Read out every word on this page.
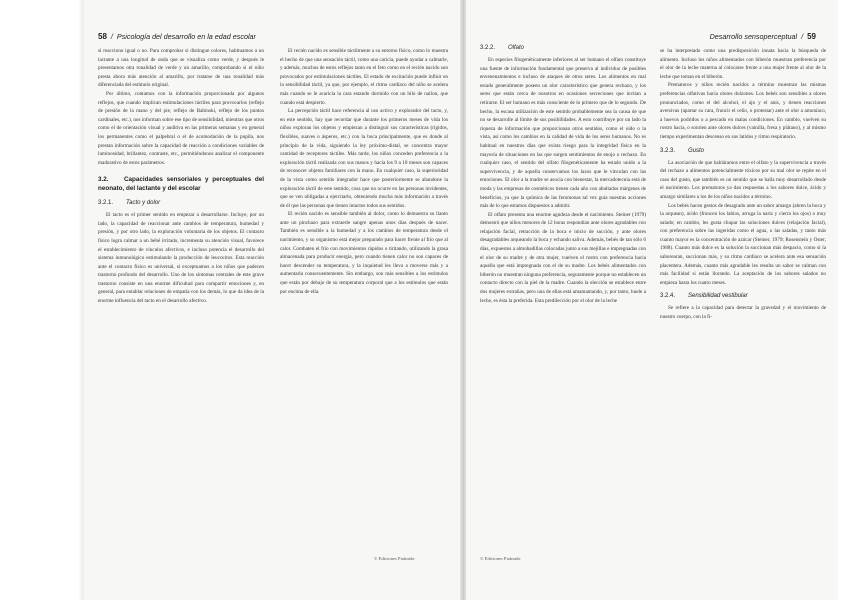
58  /  Psicología del desarrollo en la edad escolar

si reacciono igual o no. Para comprobar si distingue colores, habituamos a un lactante a una longitud de onda que se visualiza como verde, y después le presentamos otra tonalidad de verde y un amarillo, comprobando si el niño presta ahora más atención al amarillo, por tratarse de una tonalidad más diferenciada del estímulo original.

Por último, contamos con la información proporcionada por algunos reflejos, que cuando implican estimulaciones táctiles para provocarlos (reflejo de presión de la mano y del pie, reflejo de Babinski, reflejo de los puntos cardinales, etc.), nos informan sobre ese tipo de sensibilidad, mientras que otros como el de orientación visual y auditiva en las primeras semanas y en general los permanentes como el palpebral o el de acomodación de la pupila, nos prestan información sobre la capacidad de reacción a condiciones variables de luminosidad, brillantez, contraste, etc., permitiéndonos analizar el componente madurativo de estos parámetros.

3.2. Capacidades sensoriales y perceptuales del neonato, del lactante y del escolar
3.2.1. Tacto y dolor

El tacto es el primer sentido en empezar a desarrollarse. Incluye, por un lado, la capacidad de reaccionar ante cambios de temperatura, humedad y presión, y por otro lado, la exploración voluntaria de los objetos. El contacto físico logra calmar a un bebé irritado, incrementa su atención visual, favorece el establecimiento de vínculos afectivos, e incluso potencia el desarrollo del sistema inmunológico estimulando la producción de leucocitos. Esta reacción ante el contacto físico es universal, si exceptuamos a los niños que padecen trastorno profundo del desarrollo. Uno de los síntomas centrales de este grave trastorno consiste en una enorme dificultad para compartir emociones y, en general, para entablar relaciones de empatía con los demás, lo que da idea de la enorme influencia del tacto en el desarrollo afectivo.

El recién nacido es sensible táctilmente a su entorno físico, como lo muestra el hecho de que una sensación táctil, como una caricia, puede ayudar a calmarle, y además, muchos de estos reflejos tanto en el feto como en el recién nacido son provocados por estimulaciones táctiles. El estado de excitación puede influir en la sensibilidad táctil, ya que, por ejemplo, el ritmo cardíaco del niño se acelera más cuando se le acaricia la cara estando dormido con un hilo de nailon, que cuando está despierto.

La percepción táctil hace referencia al uso activo y explorador del tacto, y, en este sentido, hay que recordar que durante los primeros meses de vida los niños exploran los objetos y empiezan a distinguir sus características (rígidos, flexibles, suaves o ásperos, etc.) con la boca principalmente, que es donde al principio de la vida, siguiendo la ley próximo-distal, se concentra mayor cantidad de receptores táctiles. Más tarde, los niños conceden preferencia a la exploración táctil realizada con sus manos y hacia los 9 a 10 meses son capaces de reconocer objetos familiares con la mano. En cualquier caso, la superioridad de la vista como sentido integrador hace que posteriormente se abandone la exploración táctil de este sentido, cosa que no ocurre en las personas invidentes, que se ven obligadas a ejercitarlo, obteniendo mucha más información a través de él que las personas que tienen intactos todos sus sentidos.

El recién nacido es sensible también al dolor, como lo demuestra su llanto ante un pinchazo para extraerle sangre apenas unos días después de nacer. También es sensible a la humedad y a los cambios de temperatura desde el nacimiento, y su organismo está mejor preparado para hacer frente al frío que al calor. Combaten el frío con movimientos rápidos o tiritando, utilizando la grasa almacenada para producir energía, pero cuando tienen calor no son capaces de hacer descender su temperatura, y la inquietud les lleva a moverse más y a aumentarla consecuentemente. Sin embargo, son más sensibles a los estímulos que están por debajo de su temperatura corporal que a los estímulos que están por encima de ella.

© Ediciones Pirámide
Desarrollo sensoperceptual  /  59
3.2.2. Olfato

En especies filogenéticamente inferiores al ser humano el olfato constituye una fuente de información fundamental que preserva al individuo de posibles envenenamientos e incluso de ataques de otros seres. Los alimentos en mal estado generalmente poseen un olor característico que genera rechazo, y los seres que están cerca de nosotros en ocasiones secreciones que invitan a retirarse. El ser humano es más consciente de lo primero que de lo segundo. De hecho, la escasa utilización de este sentido probablemente sea la causa de que no se desarrolle al límite de sus posibilidades. A esto contribuye por un lado la riqueza de información que proporcionan otros sentidos, como el oído o la vista, así como los cambios en la calidad de vida de los seres humanos. No es habitual en nuestros días que exista riesgo para la integridad física en la mayoría de situaciones en las que surgen sentimientos de enojo o rechazo. En cualquier caso, el sentido del olfato filogenéticamente ha estado unido a la supervivencia, y de aquella conservamos los lazos que le vinculan con las emociones. El olor a la madre se asocia con bienestar, la mercadotecnia está de moda y las empresas de cosméticos tienen cada año con abultados márgenes de beneficios, ya que la química de las feromonas tal vez guía nuestras acciones más de lo que estamos dispuestos a admitir.

El olfato presenta una enorme agudeza desde el nacimiento. Steiner (1979) demostró que niños menores de 12 horas respondían ante olores agradables con relajación facial, retracción de la boca e inicio de succión, y ante olores desagradables arqueando la boca y echando saliva. Además, bebés de tan sólo 6 días, expuestos a almohadillas colocadas junto a sus mejillas e impregnadas con el olor de su madre y de otra mujer, vuelven el rostro con preferencia hacia aquella que está impregnada con el de su madre. Los bebés alimentados con biberón no muestran ninguna preferencia, seguramente porque no establecen un contacto directo con la piel de la madre. Cuando la elección se establece entre dos mujeres extrañas, pero una de ellas está amamantando, y, por tanto, huele a leche, es ésta la preferida. Esta predilección por el olor de la leche

se ha interpretado como una predisposición innata hacia la búsqueda de alimento. Incluso los niños alimentados con biberón muestran preferencia por el olor de la leche materna al colocarse frente a una mujer frente al olor de la leche que toman en el biberón.

Prematuros y niños recién nacidos a término muestran las mismas preferencias olfativas hacia olores dulzones. Los bebés son sensibles a olores pronunciados, como el del alcohol, el ajo y el anís, y tienen reacciones aversivas (apartar su cara, fruncir el ceño, o protestar) ante el olor a amoníaco, a huevos podridos o a pescado en malas condiciones. En cambio, vuelven su rostro hacia, o sonríen ante olores dulces (vainilla, fresa y plátano), y al mismo tiempo experimentan descenso en sus latidos y ritmo respiratorio.

3.2.3. Gusto

La asociación de que habláramos entre el olfato y la supervivencia a través del rechazo a alimentos potencialmente tóxicos por su mal olor se repite en el caso del gusto, que también es un sentido que se halla muy desarrollado desde el nacimiento. Los prematuros ya dan respuestas a los sabores dulce, ácido y amargo similares a los de los niños nacidos a término.

Los bebés hacen gestos de desagrado ante un sabor amargo (abren la boca y la arquean), ácido (fruncen los labios, arruga la nariz y cierra los ojos) o muy salado; en cambio, les gusta chupar las soluciones dulces (relajación facial), con preferencia sobre las ingeridas como el agua, o las saladas, y tanto más cuanto mayor es la concentración de azúcar (Steiner, 1979; Rosenstein y Oster, 1988). Cuanto más dulce es la solución la succionan más despacio, como si la saborearan, succionan más, y su ritmo cardíaco se acelera ante esa sensación placentera. Además, cuanto más agradable les resulta un sabor se calman con más facilidad si están llorando. La aceptación de los sabores salados no empieza hasta los cuatro meses.

3.2.4. Sensibilidad vestibular

Se refiere a la capacidad para detectar la gravedad y el movimiento de nuestro cuerpo, con la fi-

© Ediciones Pirámide
